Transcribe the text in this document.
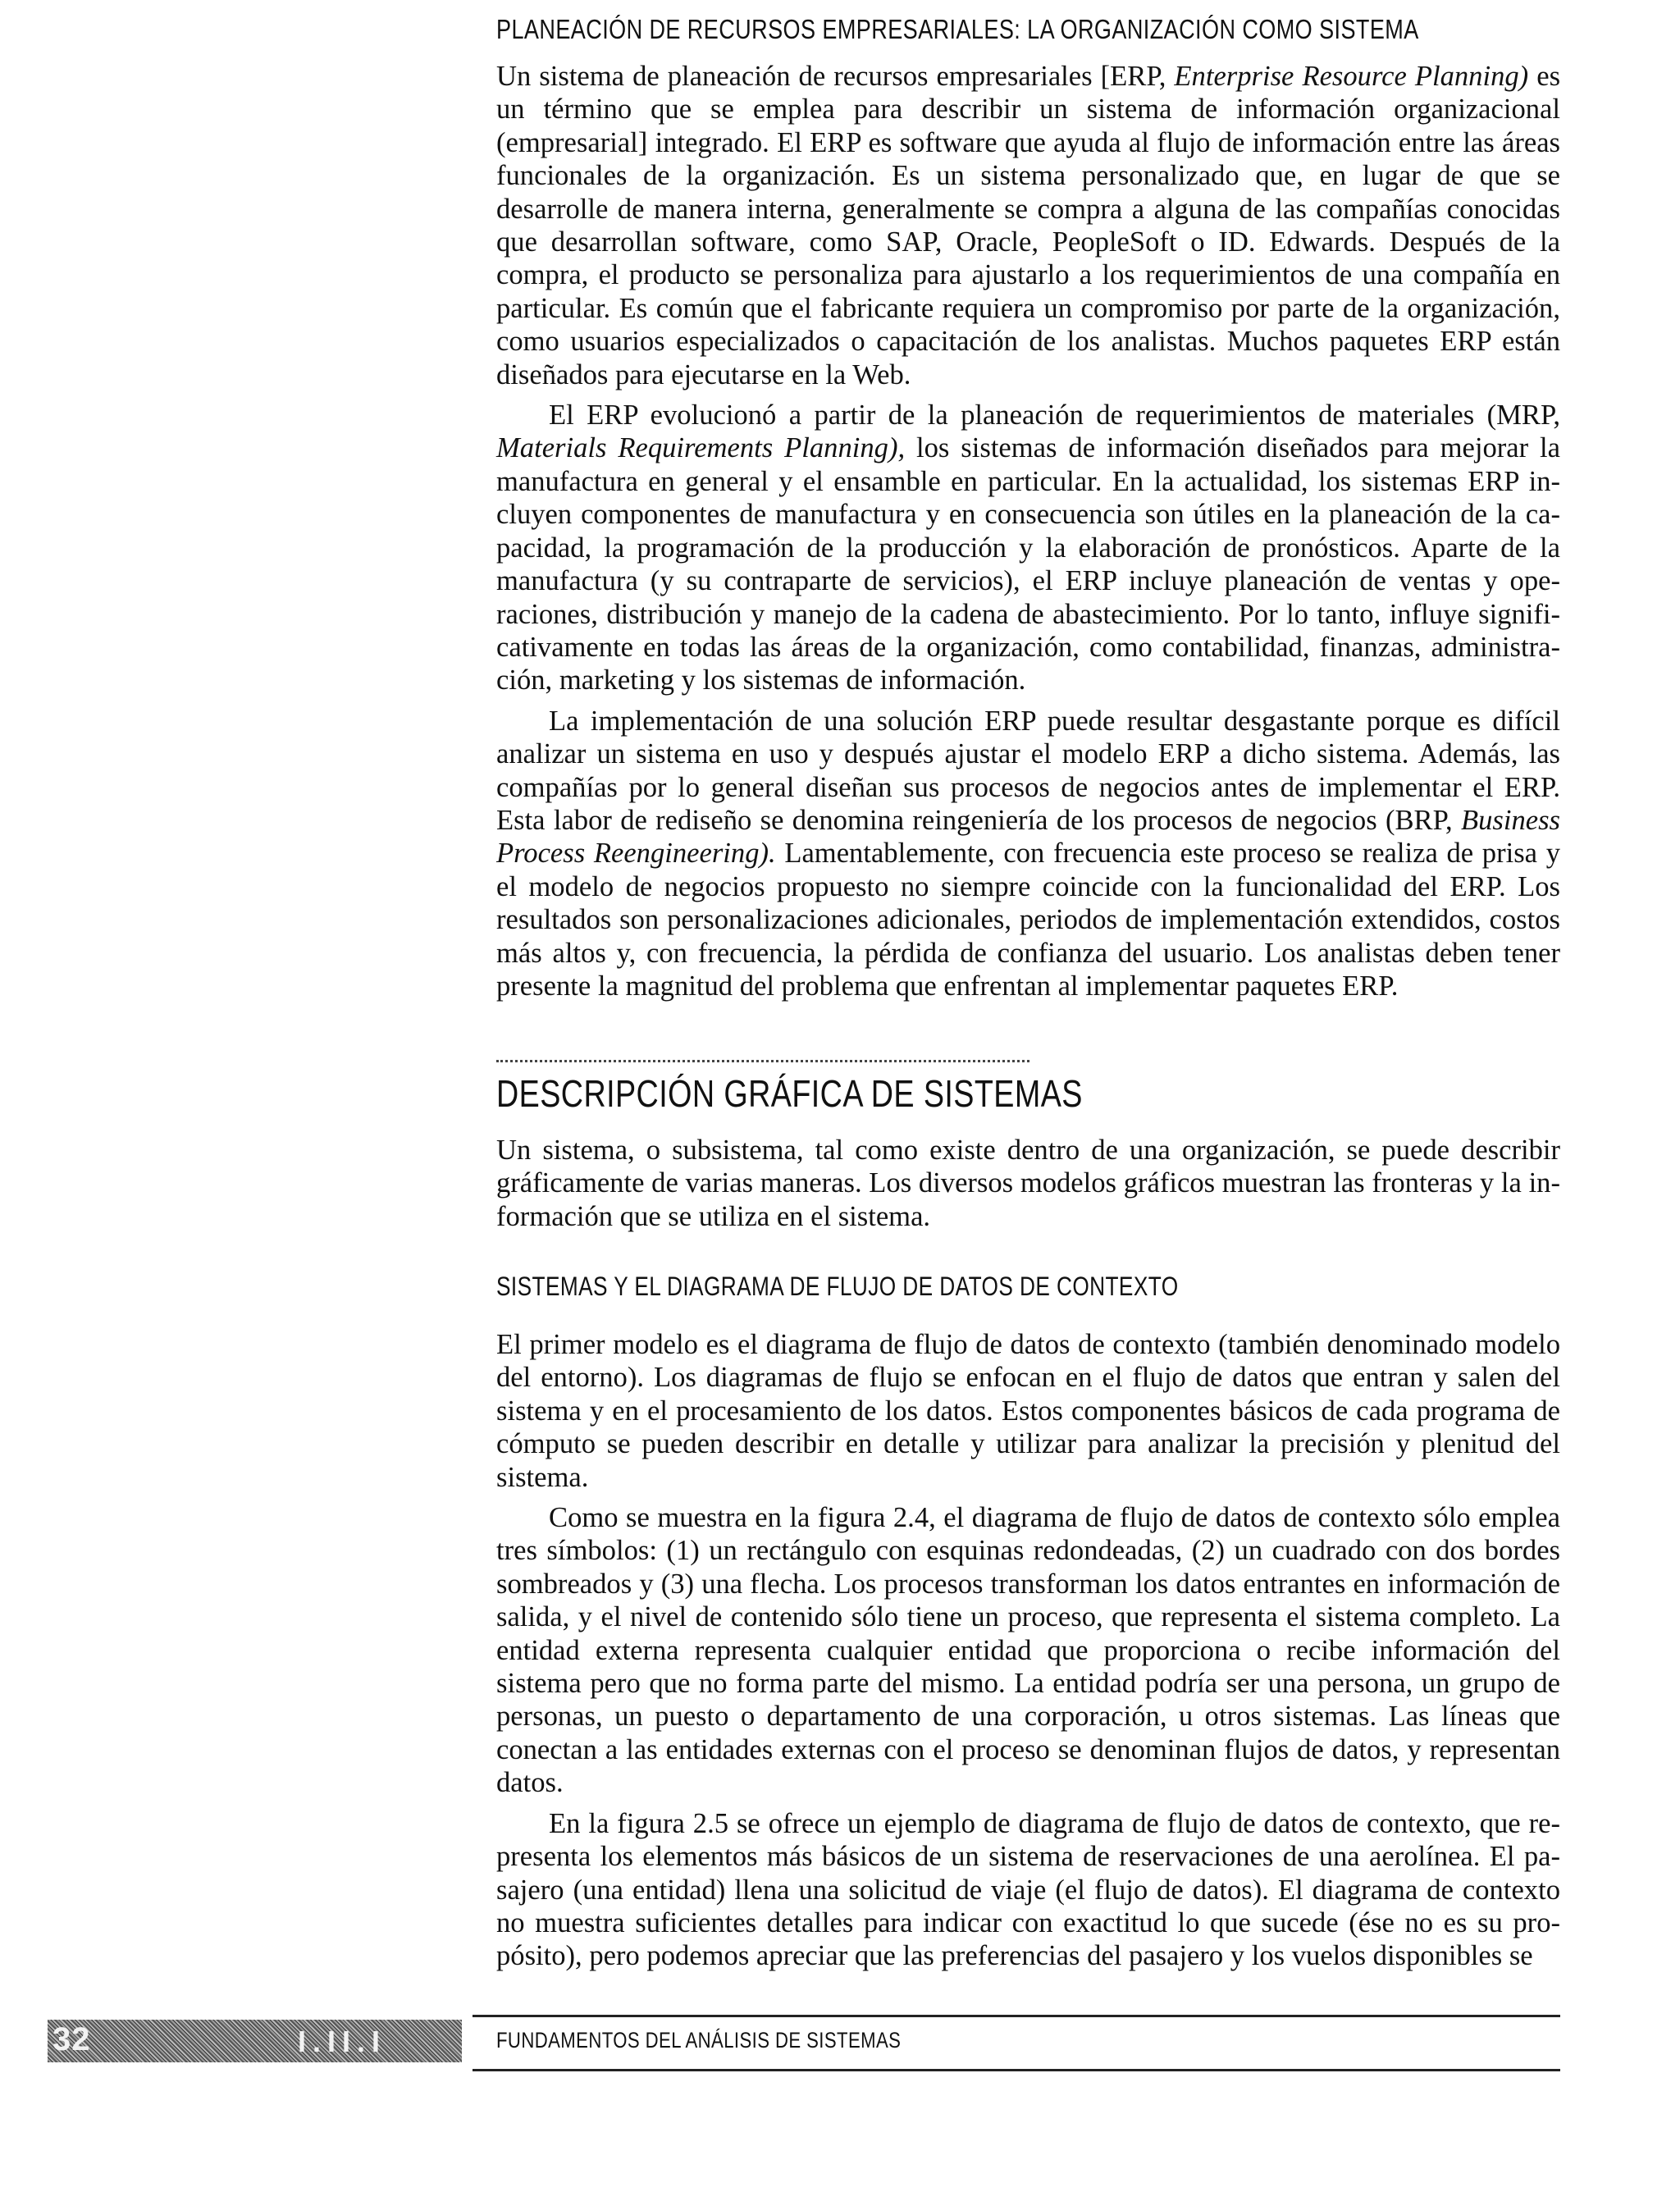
PLANEACIÓN DE RECURSOS EMPRESARIALES: LA ORGANIZACIÓN COMO SISTEMA

Un sistema de planeación de recursos empresariales [ERP, Enterprise Resource Planning) es un término que se emplea para describir un sistema de información organizacional (empresarial] integrado. El ERP es software que ayuda al flujo de información entre las áreas funcionales de la organización. Es un sistema personalizado que, en lugar de que se desarrolle de manera interna, generalmente se compra a alguna de las compañías conocidas que desarrollan software, como SAP, Oracle, PeopleSoft o ID. Edwards. Después de la compra, el producto se personaliza para ajustarlo a los requerimientos de una compañía en particular. Es común que el fabricante requiera un compromiso por parte de la organización, como usuarios especializados o capacitación de los analistas. Muchos paquetes ERP están diseñados para ejecutarse en la Web.

El ERP evolucionó a partir de la planeación de requerimientos de materiales (MRP, Materials Requirements Planning), los sistemas de información diseñados para mejorar la manufactura en general y el ensamble en particular. En la actualidad, los sistemas ERP incluyen componentes de manufactura y en consecuencia son útiles en la planeación de la capacidad, la programación de la producción y la elaboración de pronósticos. Aparte de la manufactura (y su contraparte de servicios), el ERP incluye planeación de ventas y operaciones, distribución y manejo de la cadena de abastecimiento. Por lo tanto, influye significativamente en todas las áreas de la organización, como contabilidad, finanzas, administración, marketing y los sistemas de información.

La implementación de una solución ERP puede resultar desgastante porque es difícil analizar un sistema en uso y después ajustar el modelo ERP a dicho sistema. Además, las compañías por lo general diseñan sus procesos de negocios antes de implementar el ERP. Esta labor de rediseño se denomina reingeniería de los procesos de negocios (BRP, Business Process Reengineering). Lamentablemente, con frecuencia este proceso se realiza de prisa y el modelo de negocios propuesto no siempre coincide con la funcionalidad del ERP. Los resultados son personalizaciones adicionales, periodos de implementación extendidos, costos más altos y, con frecuencia, la pérdida de confianza del usuario. Los analistas deben tener presente la magnitud del problema que enfrentan al implementar paquetes ERP.

DESCRIPCIÓN GRÁFICA DE SISTEMAS

Un sistema, o subsistema, tal como existe dentro de una organización, se puede describir gráficamente de varias maneras. Los diversos modelos gráficos muestran las fronteras y la información que se utiliza en el sistema.

SISTEMAS Y EL DIAGRAMA DE FLUJO DE DATOS DE CONTEXTO

El primer modelo es el diagrama de flujo de datos de contexto (también denominado modelo del entorno). Los diagramas de flujo se enfocan en el flujo de datos que entran y salen del sistema y en el procesamiento de los datos. Estos componentes básicos de cada programa de cómputo se pueden describir en detalle y utilizar para analizar la precisión y plenitud del sistema.

Como se muestra en la figura 2.4, el diagrama de flujo de datos de contexto sólo emplea tres símbolos: (1) un rectángulo con esquinas redondeadas, (2) un cuadrado con dos bordes sombreados y (3) una flecha. Los procesos transforman los datos entrantes en información de salida, y el nivel de contenido sólo tiene un proceso, que representa el sistema completo. La entidad externa representa cualquier entidad que proporciona o recibe información del sistema pero que no forma parte del mismo. La entidad podría ser una persona, un grupo de personas, un puesto o departamento de una corporación, u otros sistemas. Las líneas que conectan a las entidades externas con el proceso se denominan flujos de datos, y representan datos.

En la figura 2.5 se ofrece un ejemplo de diagrama de flujo de datos de contexto, que representa los elementos más básicos de un sistema de reservaciones de una aerolínea. El pasajero (una entidad) llena una solicitud de viaje (el flujo de datos). El diagrama de contexto no muestra suficientes detalles para indicar con exactitud lo que sucede (ése no es su propósito), pero podemos apreciar que las preferencias del pasajero y los vuelos disponibles se

32	I.II.I	FUNDAMENTOS DEL ANÁLISIS DE SISTEMAS
